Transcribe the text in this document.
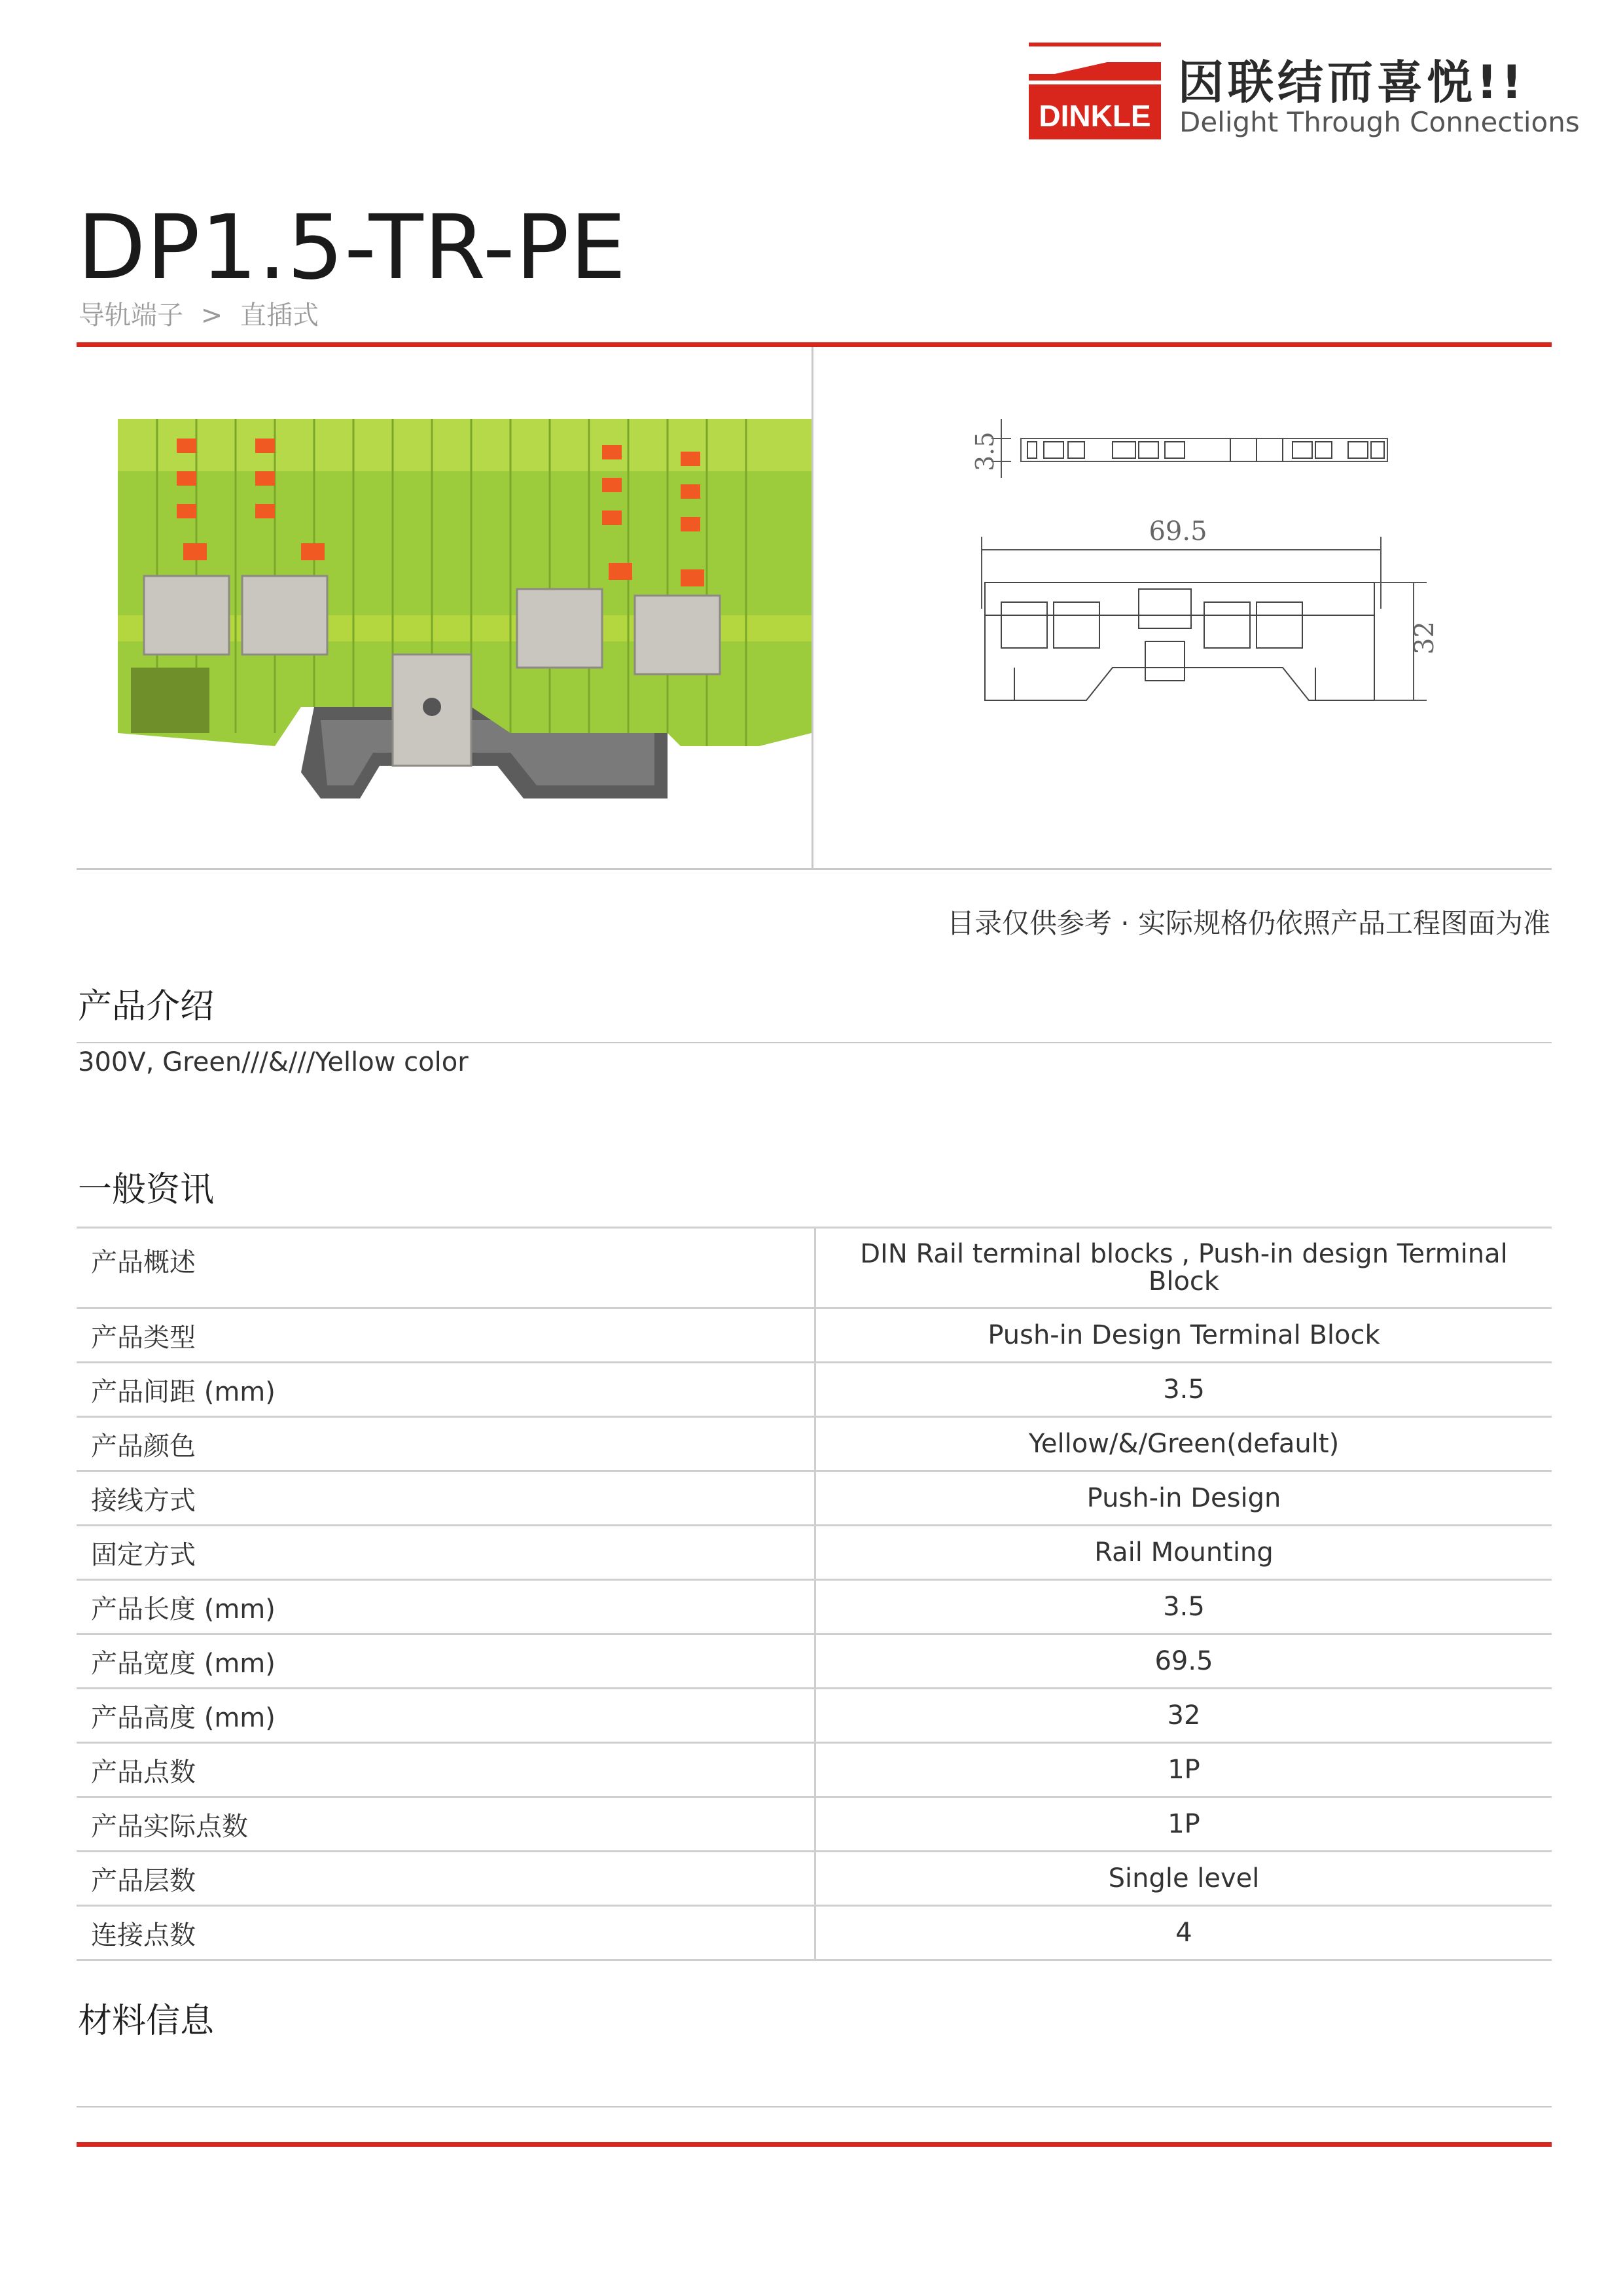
DINKLE
因联结而喜悦!!
Delight Through Connections
DP1.5-TR-PE
导轨端子 > 直插式
3.5
69.5
32
目录仅供参考 · 实际规格仍依照产品工程图面为准
产品介绍
300V, Green///&///Yellow color
一般资讯
产品概述	DIN Rail terminal blocks , Push-in design Terminal Block
产品类型	Push-in Design Terminal Block
产品间距 (mm)	3.5
产品颜色	Yellow/&/Green(default)
接线方式	Push-in Design
固定方式	Rail Mounting
产品长度 (mm)	3.5
产品宽度 (mm)	69.5
产品高度 (mm)	32
产品点数	1P
产品实际点数	1P
产品层数	Single level
连接点数	4
材料信息
